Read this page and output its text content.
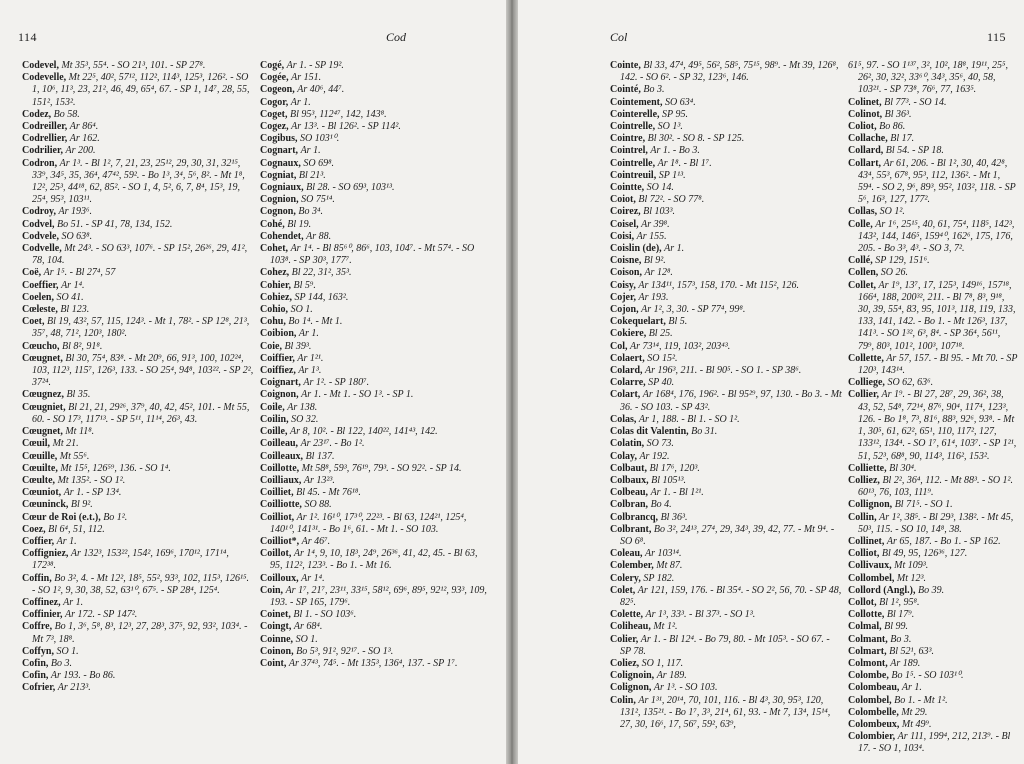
114	Cod

Codevel, Mt 35³, 55⁴. - SO 21³, 101. - SP 27⁸.

Codevelle, Mt 22⁵, 40², 57¹², 112², 114³, 125³, 126². - SO 1, 10⁶, 11³, 23, 21², 46, 49, 65⁴, 67. - SP 1, 14⁷, 28, 55, 151², 153².

Codez, Bo 58.

Codreiller, Ar 86⁴.

Codrellier, Ar 162.

Codrilier, Ar 200.

Codron, Ar 1³. - Bl 1², 7, 21, 23, 25¹², 29, 30, 31, 32¹⁵, 33⁹, 34⁵, 35, 36⁴, 47⁴², 59². - Bo 1³, 3⁴, 5⁶, 8². - Mt 1⁸, 12², 25³, 44¹⁸, 62, 85². - SO 1, 4, 5², 6, 7, 8⁴, 15³, 19, 25⁴, 95³, 103¹¹.

Codroy, Ar 193⁶.

Codvel, Bo 51. - SP 41, 78, 134, 152.

Codvele, SO 63⁸.

Codvelle, Mt 24³. - SO 63³, 107⁶. - SP 15², 26²⁶, 29, 41², 78, 104.

Coë, Ar 1⁵. - Bl 27⁴, 57

Coeffier, Ar 1⁴.

Coelen, SO 41.

Cœleste, Bl 123.

Coet, Bl 19, 43², 57, 115, 124³. - Mt 1, 78². - SP 12⁸, 21³, 35⁷, 48, 71², 120³, 180².

Cœucho, Bl 8², 91⁸.

Cœugnet, Bl 30, 75⁴, 83⁸. - Mt 20⁹, 66, 91³, 100, 102²⁴, 103, 112³, 115⁷, 126³, 133. - SO 25⁴, 94⁸, 103²². - SP 2², 37²⁴.

Cœugnez, Bl 35.

Cœugniet, Bl 21, 21, 29²⁶, 37⁹, 40, 42, 45², 101. - Mt 55, 60. - SO 17³, 117¹³. - SP 5¹¹, 11¹⁴, 26³, 43.

Cœugnet, Mt 11⁸.

Cœuil, Mt 21.

Cœuille, Mt 55⁶.

Cœuilte, Mt 15⁵, 126⁵⁹, 136. - SO 1⁴.

Cœulte, Mt 135². - SO 1².

Cœuniot, Ar 1. - SP 13⁴.

Cœuninck, Bl 9².

Cœur de Roi (e.t.), Bo 1².

Coez, Bl 6⁴, 51, 112.

Coffier, Ar 1.

Coffigniez, Ar 132³, 153²², 154², 169⁶, 170¹², 171¹⁴, 172³⁸.

Coffin, Bo 3², 4. - Mt 12², 18⁵, 55², 93³, 102, 115³, 126¹⁵. - SO 1², 9, 30, 38, 52, 63¹⁰, 67⁵. - SP 28⁴, 125⁴.

Coffinez, Ar 1.

Coffinier, Ar 172. - SP 147².

Coffre, Bo 1, 3⁶, 5⁸, 8³, 12³, 27, 28³, 37⁵, 92, 93², 103⁴. - Mt 7³, 18⁸.

Coffyn, SO 1.

Cofin, Bo 3.

Cofin, Ar 193. - Bo 86.

Cofrier, Ar 213³.

Cogé, Ar 1. - SP 19².

Cogée, Ar 151.

Cogeon, Ar 40⁶, 44⁷.

Cogor, Ar 1.

Coget, Bl 95³, 112⁴⁷, 142, 143⁸.

Cogez, Ar 13³. - Bl 126². - SP 114².

Cogibus, SO 103¹⁰.

Cognart, Ar 1.

Cognaux, SO 69⁸.

Cogniat, Bl 21³.

Cogniaux, Bl 28. - SO 69³, 103¹³.

Cognion, SO 75¹⁴.

Cognon, Bo 3⁴.

Cohé, Bl 19.

Cohendet, Ar 88.

Cohet, Ar 1⁴. - Bl 85⁶⁰, 86⁶, 103, 104⁷. - Mt 57⁴. - SO 103⁸. - SP 30³, 177⁷.

Cohez, Bl 22, 31², 35³.

Cohier, Bl 5⁹.

Cohiez, SP 144, 163².

Cohio, SO 1.

Cohu, Bo 1⁴. - Mt 1.

Coibion, Ar 1.

Coie, Bl 39³.

Coiffier, Ar 1²¹.

Coiffiez, Ar 1³.

Coignart, Ar 1². - SP 180⁷.

Coignon, Ar 1. - Mt 1. - SO 1³. - SP 1.

Coile, Ar 138.

Coilin, SO 32.

Coille, Ar 8, 10². - Bl 122, 140²², 141⁴³, 142.

Coilleau, Ar 23¹⁷. - Bo 1².

Coilleaux, Bl 137.

Coillotte, Mt 58⁸, 59³, 76¹⁹, 79³. - SO 92². - SP 14.

Coilliaux, Ar 13²³.

Coilliet, Bl 45. - Mt 76¹⁸.

Coilliotte, SO 88.

Coilliot, Ar 1². 16¹⁰, 17³⁰, 22²³. - Bl 63, 124²¹, 125⁴, 140¹⁰, 141³¹. - Bo 1⁶, 61. - Mt 1. - SO 103.

Coilliot*, Ar 46⁷.

Coillot, Ar 1⁴, 9, 10, 18³, 24⁹, 26³⁶, 41, 42, 45. - Bl 63, 95, 112², 123³. - Bo 1. - Mt 16.

Coilloux, Ar 1⁴.

Coin, Ar 1⁷, 21⁷, 23¹¹, 33¹⁵, 58¹², 69⁶, 89⁵, 92¹², 93³, 109, 193. - SP 165, 179⁶.

Coinet, Bl 1. - SO 103⁶.

Coingt, Ar 68⁴.

Coinne, SO 1.

Coinon, Bo 5³, 91², 92¹⁷. - SO 1³.

Coint, Ar 37⁴³, 74⁵. - Mt 135³, 136⁴, 137. - SP 1⁷.

115
Col

Cointe, Bl 33, 47⁴, 49⁵, 56², 58⁵, 75¹⁵, 98⁹. - Mt 39, 126⁸, 142. - SO 6². - SP 32, 123⁶, 146.

Cointé, Bo 3.

Cointement, SO 63⁴.

Cointerelle, SP 95.

Cointrelle, SO 1³.

Cointre, Bl 30². - SO 8. - SP 125.

Cointrel, Ar 1. - Bo 3.

Cointrelle, Ar 1⁸. - Bl 1⁷.

Cointreuil, SP 1¹³.

Cointte, SO 14.

Coiot, Bl 72². - SO 77⁸.

Coirez, Bl 103³.

Coisel, Ar 39⁸.

Coisi, Ar 155.

Coislin (de), Ar 1.

Coisne, Bl 9².

Coison, Ar 12⁸.

Coisy, Ar 134¹¹, 157³, 158, 170. - Mt 115², 126.

Cojer, Ar 193.

Cojon, Ar 1², 3, 30. - SP 77⁴, 99⁸.

Cokequelart, Bl 5.

Cokiere, Bl 25.

Col, Ar 73¹⁴, 119, 103², 203⁴³.

Colaert, SO 15².

Colard, Ar 196³, 211. - Bl 90⁵. - SO 1. - SP 38⁶.

Colarre, SP 40.

Colart, Ar 168⁴, 176, 196². - Bl 95²⁹, 97, 130. - Bo 3. - Mt 36. - SO 103. - SP 43².

Colas, Ar 1, 188. - Bl 1. - SO 1².

Colas dit Valentin, Bo 31.

Colatin, SO 73.

Colay, Ar 192.

Colbaut, Bl 17⁶, 120³.

Colbaux, Bl 105¹³.

Colbeau, Ar 1. - Bl 1²¹.

Colbran, Bo 4.

Colbrancq, Bl 36³.

Colbrant, Bo 3², 24¹³, 27⁴, 29, 34³, 39, 42, 77. - Mt 9⁴. - SO 6⁸.

Coleau, Ar 103¹⁴.

Colember, Mt 87.

Colery, SP 182.

Colet, Ar 121, 159, 176. - Bl 35⁴. - SO 2², 56, 70. - SP 48, 82⁵.

Colette, Ar 1³, 33³. - Bl 37³. - SO 1³.

Coliheau, Mt 1².

Colier, Ar 1. - Bl 12⁴. - Bo 79, 80. - Mt 105³. - SO 67. - SP 78.

Coliez, SO 1, 117.

Colignoin, Ar 189.

Colignon, Ar 1³. - SO 103.

Colin, Ar 1³¹, 20¹⁴, 70, 101, 116. - Bl 4³, 30, 95³, 120, 131², 135²¹. - Bo 1⁷, 3³, 21⁴, 61, 93. - Mt 7, 13⁴, 15¹⁴, 27, 30, 16⁶, 17, 56⁷, 59², 63⁹,

61⁵, 97. - SO 1¹³⁷, 3², 10², 18⁸, 19¹¹, 25⁵, 26², 30, 32², 33⁶⁰, 34³, 35⁶, 40, 58, 103²¹. - SP 73⁸, 76⁶, 77, 163⁵.

Colinet, Bl 77³. - SO 14.

Colinot, Bl 36³.

Coliot, Bo 86.

Collache, Bl 17.

Collard, Bl 54. - SP 18.

Collart, Ar 61, 206. - Bl 1², 30, 40, 42⁸, 43⁴, 55³, 67⁸, 95³, 112, 136². - Mt 1, 59⁴. - SO 2, 9⁶, 89³, 95², 103², 118. - SP 5⁶, 16³, 127, 177².

Collas, SO 1².

Colle, Ar 1⁶, 25¹⁵, 40, 61, 75⁴, 118⁵, 142³, 143², 144, 146⁵, 159⁴⁰, 162⁶, 175, 176, 205. - Bo 3³, 4³. - SO 3, 7².

Collé, SP 129, 151⁶.

Collen, SO 26.

Collet, Ar 1⁹, 13⁷, 17, 125³, 149¹⁶, 157¹⁸, 166⁴, 188, 200³², 211. - Bl 7⁸, 8³, 9¹⁸, 30, 39, 55⁴, 83, 95, 101³, 118, 119, 133, 133, 141, 142. - Bo 1. - Mt 126³, 137, 141³. - SO 1³², 6³, 8⁴. - SP 36⁴, 56¹¹, 79⁹, 80³, 101², 100³, 107¹⁸.

Collette, Ar 57, 157. - Bl 95. - Mt 70. - SP 120³, 143¹⁴.

Colliege, SO 62, 63⁶.

Collier, Ar 1⁹. - Bl 27, 28⁷, 29, 36², 38, 43, 52, 54⁸, 72¹⁴, 87⁶, 90⁴, 117⁴, 123³, 126. - Bo 1⁸, 7³, 81⁶, 88³, 92⁶, 93⁸. - Mt 1, 30⁵, 61, 62², 65¹, 110, 117², 127, 133¹², 134⁴. - SO 1⁷, 61⁴, 103⁷. - SP 1²¹, 51, 52³, 68⁸, 90, 114³, 116², 153².

Colliette, Bl 30⁴.

Colliez, Bl 2², 36⁴, 112. - Mt 88³. - SO 1². 60¹³, 76, 103, 111⁹.

Collignon, Bl 71⁵. - SO 1.

Collin, Ar 1², 38⁵. - Bl 29³, 138². - Mt 45, 50³, 115. - SO 10, 14⁸, 38.

Collinet, Ar 65, 187. - Bo 1. - SP 162.

Colliot, Bl 49, 95, 126³⁶, 127.

Collivaux, Mt 109³.

Collombel, Mt 12³.

Collord (Angl.), Bo 39.

Collot, Bl 1², 95⁸.

Collotte, Bl 17⁹.

Colmal, Bl 99.

Colmant, Bo 3.

Colmart, Bl 52¹, 63³.

Colmont, Ar 189.

Colombe, Bo 1⁵. - SO 103¹⁰.

Colombeau, Ar 1.

Colombel, Bo 1. - Mt 1².

Colombelle, Mt 29.

Colombeux, Mt 49⁹.

Colombier, Ar 111, 199⁴, 212, 213⁹. - Bl 17. - SO 1, 103⁴.
